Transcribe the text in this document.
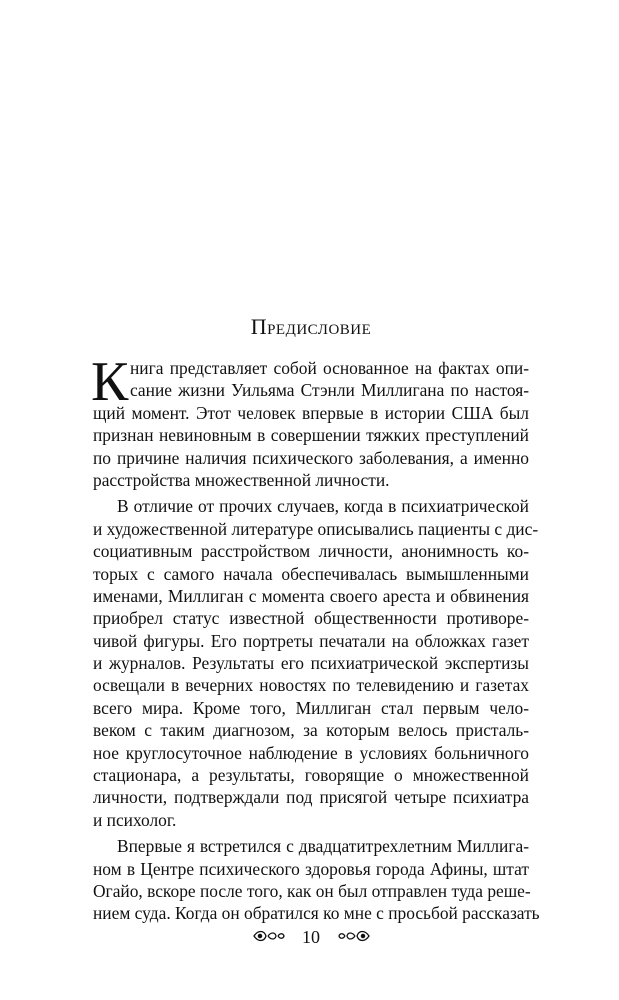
Предисловие
К нига представляет собой основанное на фактах опи-
сание жизни Уильяма Стэнли Миллигана по настоя-
щий момент. Этот человек впервые в истории США был
признан невиновным в совершении тяжких преступлений
по причине наличия психического заболевания, а именно
расстройства множественной личности.
В отличие от прочих случаев, когда в психиатрической
и художественной литературе описывались пациенты с дис-
социативным расстройством личности, анонимность ко-
торых с самого начала обеспечивалась вымышленными
именами, Миллиган с момента своего ареста и обвинения
приобрел статус известной общественности противоре-
чивой фигуры. Его портреты печатали на обложках газет
и журналов. Результаты его психиатрической экспертизы
освещали в вечерних новостях по телевидению и газетах
всего мира. Кроме того, Миллиган стал первым чело-
веком с таким диагнозом, за которым велось присталь-
ное круглосуточное наблюдение в условиях больничного
стационара, а результаты, говорящие о множественной
личности, подтверждали под присягой четыре психиатра
и психолог.
Впервые я встретился с двадцатитрехлетним Миллига-
ном в Центре психического здоровья города Афины, штат
Огайо, вскоре после того, как он был отправлен туда реше-
нием суда. Когда он обратился ко мне с просьбой рассказать
10
